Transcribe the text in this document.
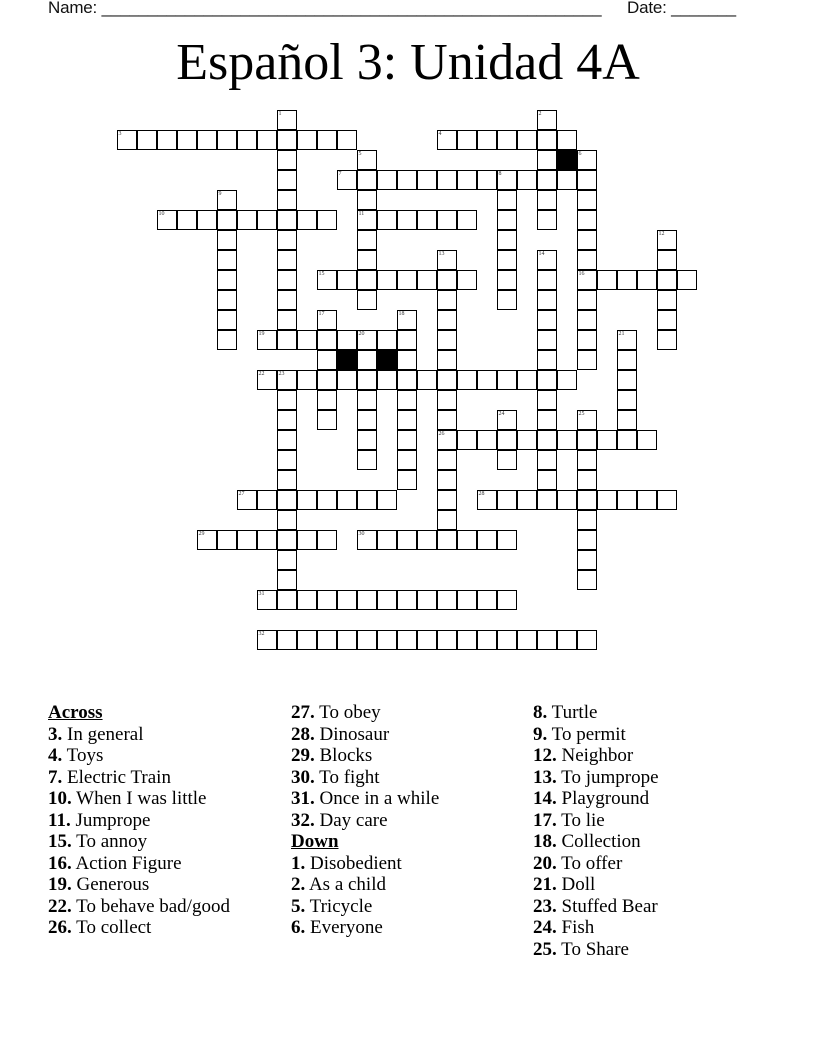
Name: ______________________________________________________ Date: _______
Español 3: Unidad 4A
1	2
3	4
5
11
6
16
7	8
9
10
12
13
26
14
15
17	18
19	20	21
22 23
24	25
27	28
29	30
31
32
Across
3. In general
4. Toys
7. Electric Train
10. When I was little
11. Jumprope
15. To annoy
16. Action Figure
19. Generous
22. To behave bad/good
26. To collect
27. To obey
28. Dinosaur
29. Blocks
30. To fight
31. Once in a while
32. Day care
Down
1. Disobedient
2. As a child
5. Tricycle
6. Everyone
8. Turtle
9. To permit
12. Neighbor
13. To jumprope
14. Playground
17. To lie
18. Collection
20. To offer
21. Doll
23. Stuffed Bear
24. Fish
25. To Share
